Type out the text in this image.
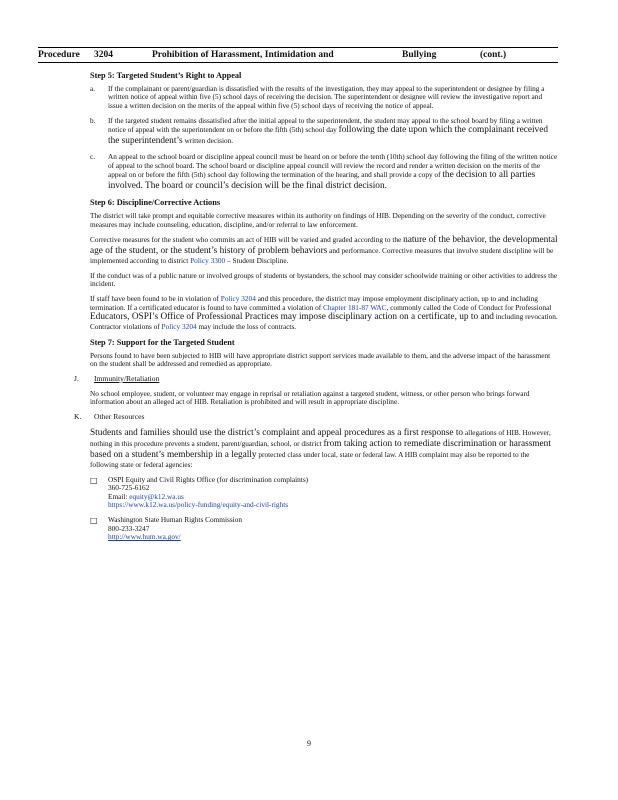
Procedure	3204	Prohibition of Harassment, Intimidation and	Bullying	(cont.)
Step 5: Targeted Student’s Right to Appeal
a.	If the complainant or parent/guardian is dissatisfied with the results of the investigation, they may appeal to the superintendent or designee by filing a written notice of appeal within five (5) school days of receiving the decision. The superintendent or designee will review the investigative report and issue a written decision on the merits of the appeal within five (5) school days of receiving the notice of appeal.
b.	If the targeted student remains dissatisfied after the initial appeal to the superintendent, the student may appeal to the school board by filing a written notice of appeal with the superintendent on or before the fifth (5th) school day following the date upon which the complainant received the superintendent’s written decision.
c.	An appeal to the school board or discipline appeal council must be heard on or before the tenth (10th) school day following the filing of the written notice of appeal to the school board. The school board or discipline appeal council will review the record and render a written decision on the merits of the appeal on or before the fifth (5th) school day following the termination of the hearing, and shall provide a copy of the decision to all parties involved. The board or council’s decision will be the final district decision.
Step 6: Discipline/Corrective Actions

The district will take prompt and equitable corrective measures within its authority on findings of HIB. Depending on the severity of the conduct, corrective measures may include counseling, education, discipline, and/or referral to law enforcement.

Corrective measures for the student who commits an act of HIB will be varied and graded according to the nature of the behavior, the developmental age of the student, or the student’s history of problem behaviors and performance. Corrective measures that involve student discipline will be implemented according to district Policy 3300 – Student Discipline.

If the conduct was of a public nature or involved groups of students or bystanders, the school may consider schoolwide training or other activities to address the incident.

If staff have been found to be in violation of Policy 3204 and this procedure, the district may impose employment disciplinary action, up to and including termination. If a certificated educator is found to have committed a violation of Chapter 181-87 WAC, commonly called the Code of Conduct for Professional Educators, OSPI’s Office of Professional Practices may impose disciplinary action on a certificate, up to and including revocation. Contractor violations of Policy 3204 may include the loss of contracts.

Step 7: Support for the Targeted Student

Persons found to have been subjected to HIB will have appropriate district support services made available to them, and the adverse impact of the harassment on the student shall be addressed and remedied as appropriate.

J.	Immunity/Retaliation

No school employee, student, or volunteer may engage in reprisal or retaliation against a targeted student, witness, or other person who brings forward information about an alleged act of HIB. Retaliation is prohibited and will result in appropriate discipline.

K.	Other Resources

Students and families should use the district’s complaint and appeal procedures as a first response to allegations of HIB. However, nothing in this procedure prevents a student, parent/guardian, school, or district from taking action to remediate discrimination or harassment based on a student’s membership in a legally protected class under local, state or federal law. A HIB complaint may also be reported to the following state or federal agencies:

□	OSPI Equity and Civil Rights Office (for discrimination complaints)
360-725-6162
Email: equity@k12.wa.us
https://www.k12.wa.us/policy-funding/equity-and-civil-rights
□	Washington State Human Rights Commission
800-233-3247
http://www.hum.wa.gov/
9
